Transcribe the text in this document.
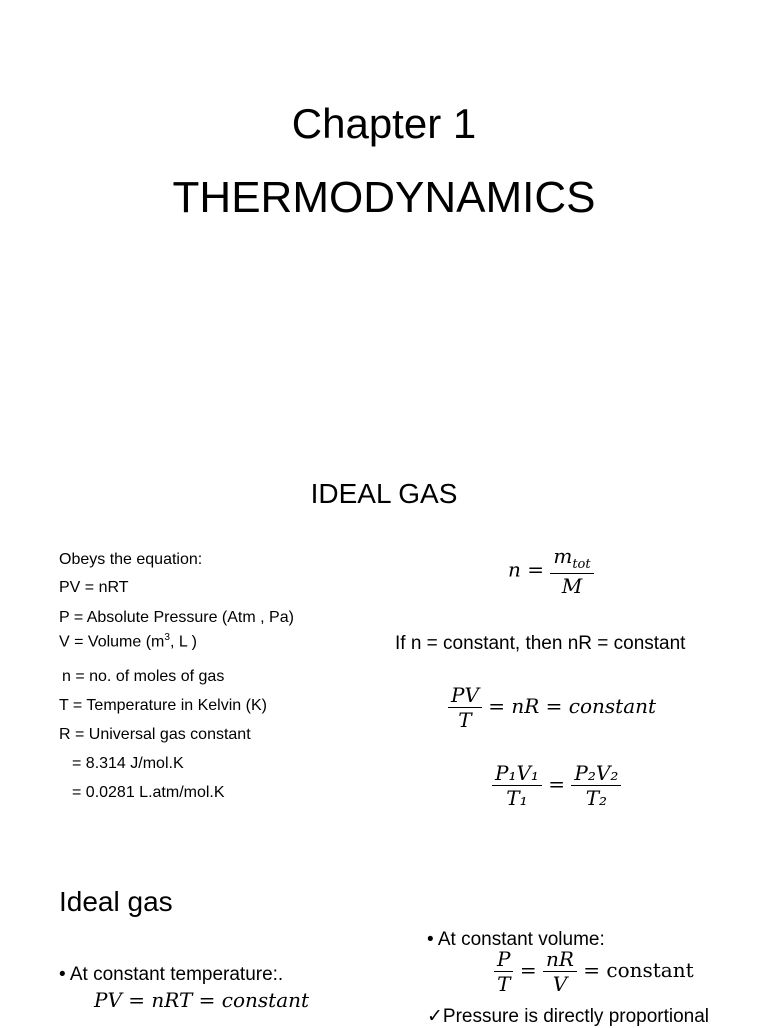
Chapter 1
THERMODYNAMICS
IDEAL GAS
Obeys the equation:
PV = nRT
P = Absolute Pressure (Atm , Pa)
V = Volume ($m^3$, L )
n = no. of moles of gas
T = Temperature in Kelvin (K)
R = Universal gas constant
= 8.314 J/mol.K
= 0.0281 L.atm/mol.K
$n = \frac{m_{tot}}{M}$
If n = constant, then nR = constant
$\frac{PV}{T}$ = nR = constant
$\frac{\text{P₁V₁}}{\text{T₁}} = \frac{\text{P₂V₂}}{\text{T₂}}$
Ideal gas
• At constant temperature:.
PV = nRT = constant
• At constant volume:
$\frac{P}{T} = \frac{nR}{V}$ = constant
✓Pressure is directly proportional
